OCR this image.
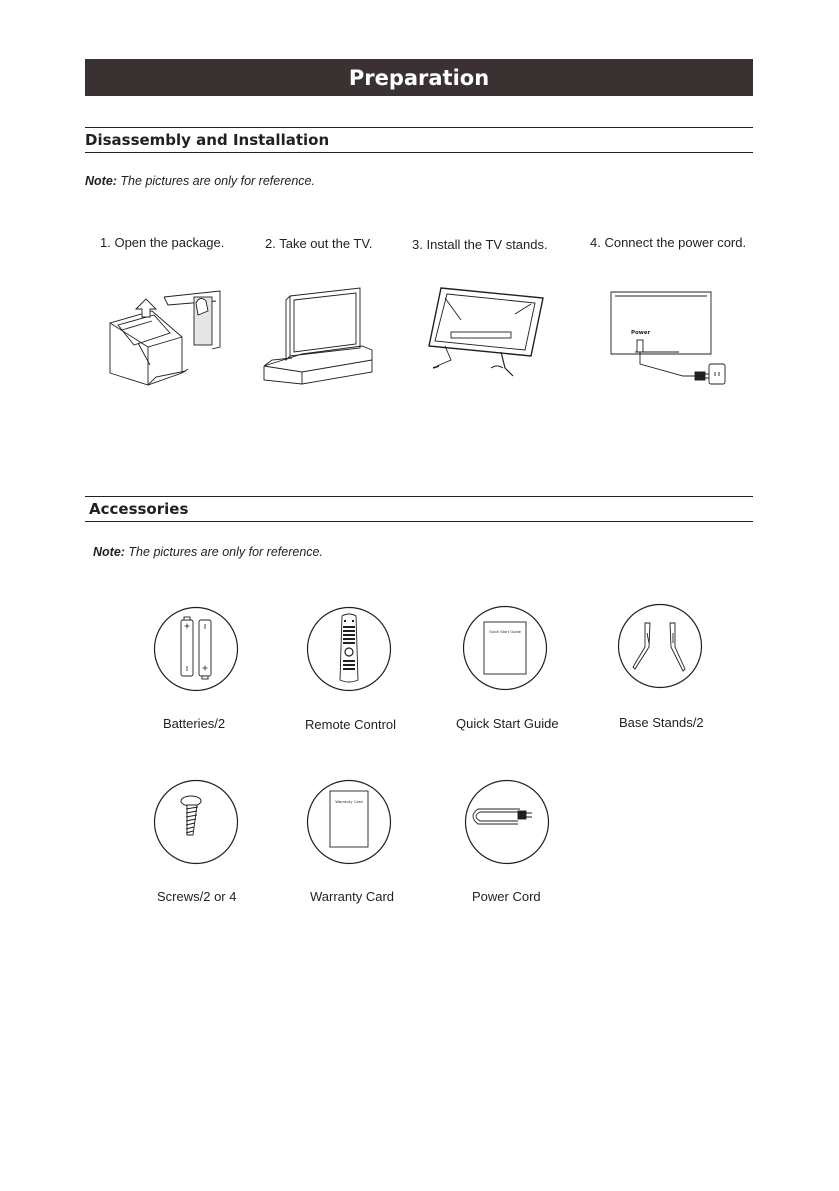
Preparation
Disassembly and Installation
Note: The pictures are only for reference.
1. Open the package.	2. Take out the TV.	3. Install the TV stands.	4. Connect the power cord.
Power
Accessories
Note: The pictures are only for reference.
Quick Start Guide
Batteries/2	Remote Control	Quick Start Guide	Base Stands/2
Warranty Card
Screws/2 or 4	Warranty Card	Power Cord
